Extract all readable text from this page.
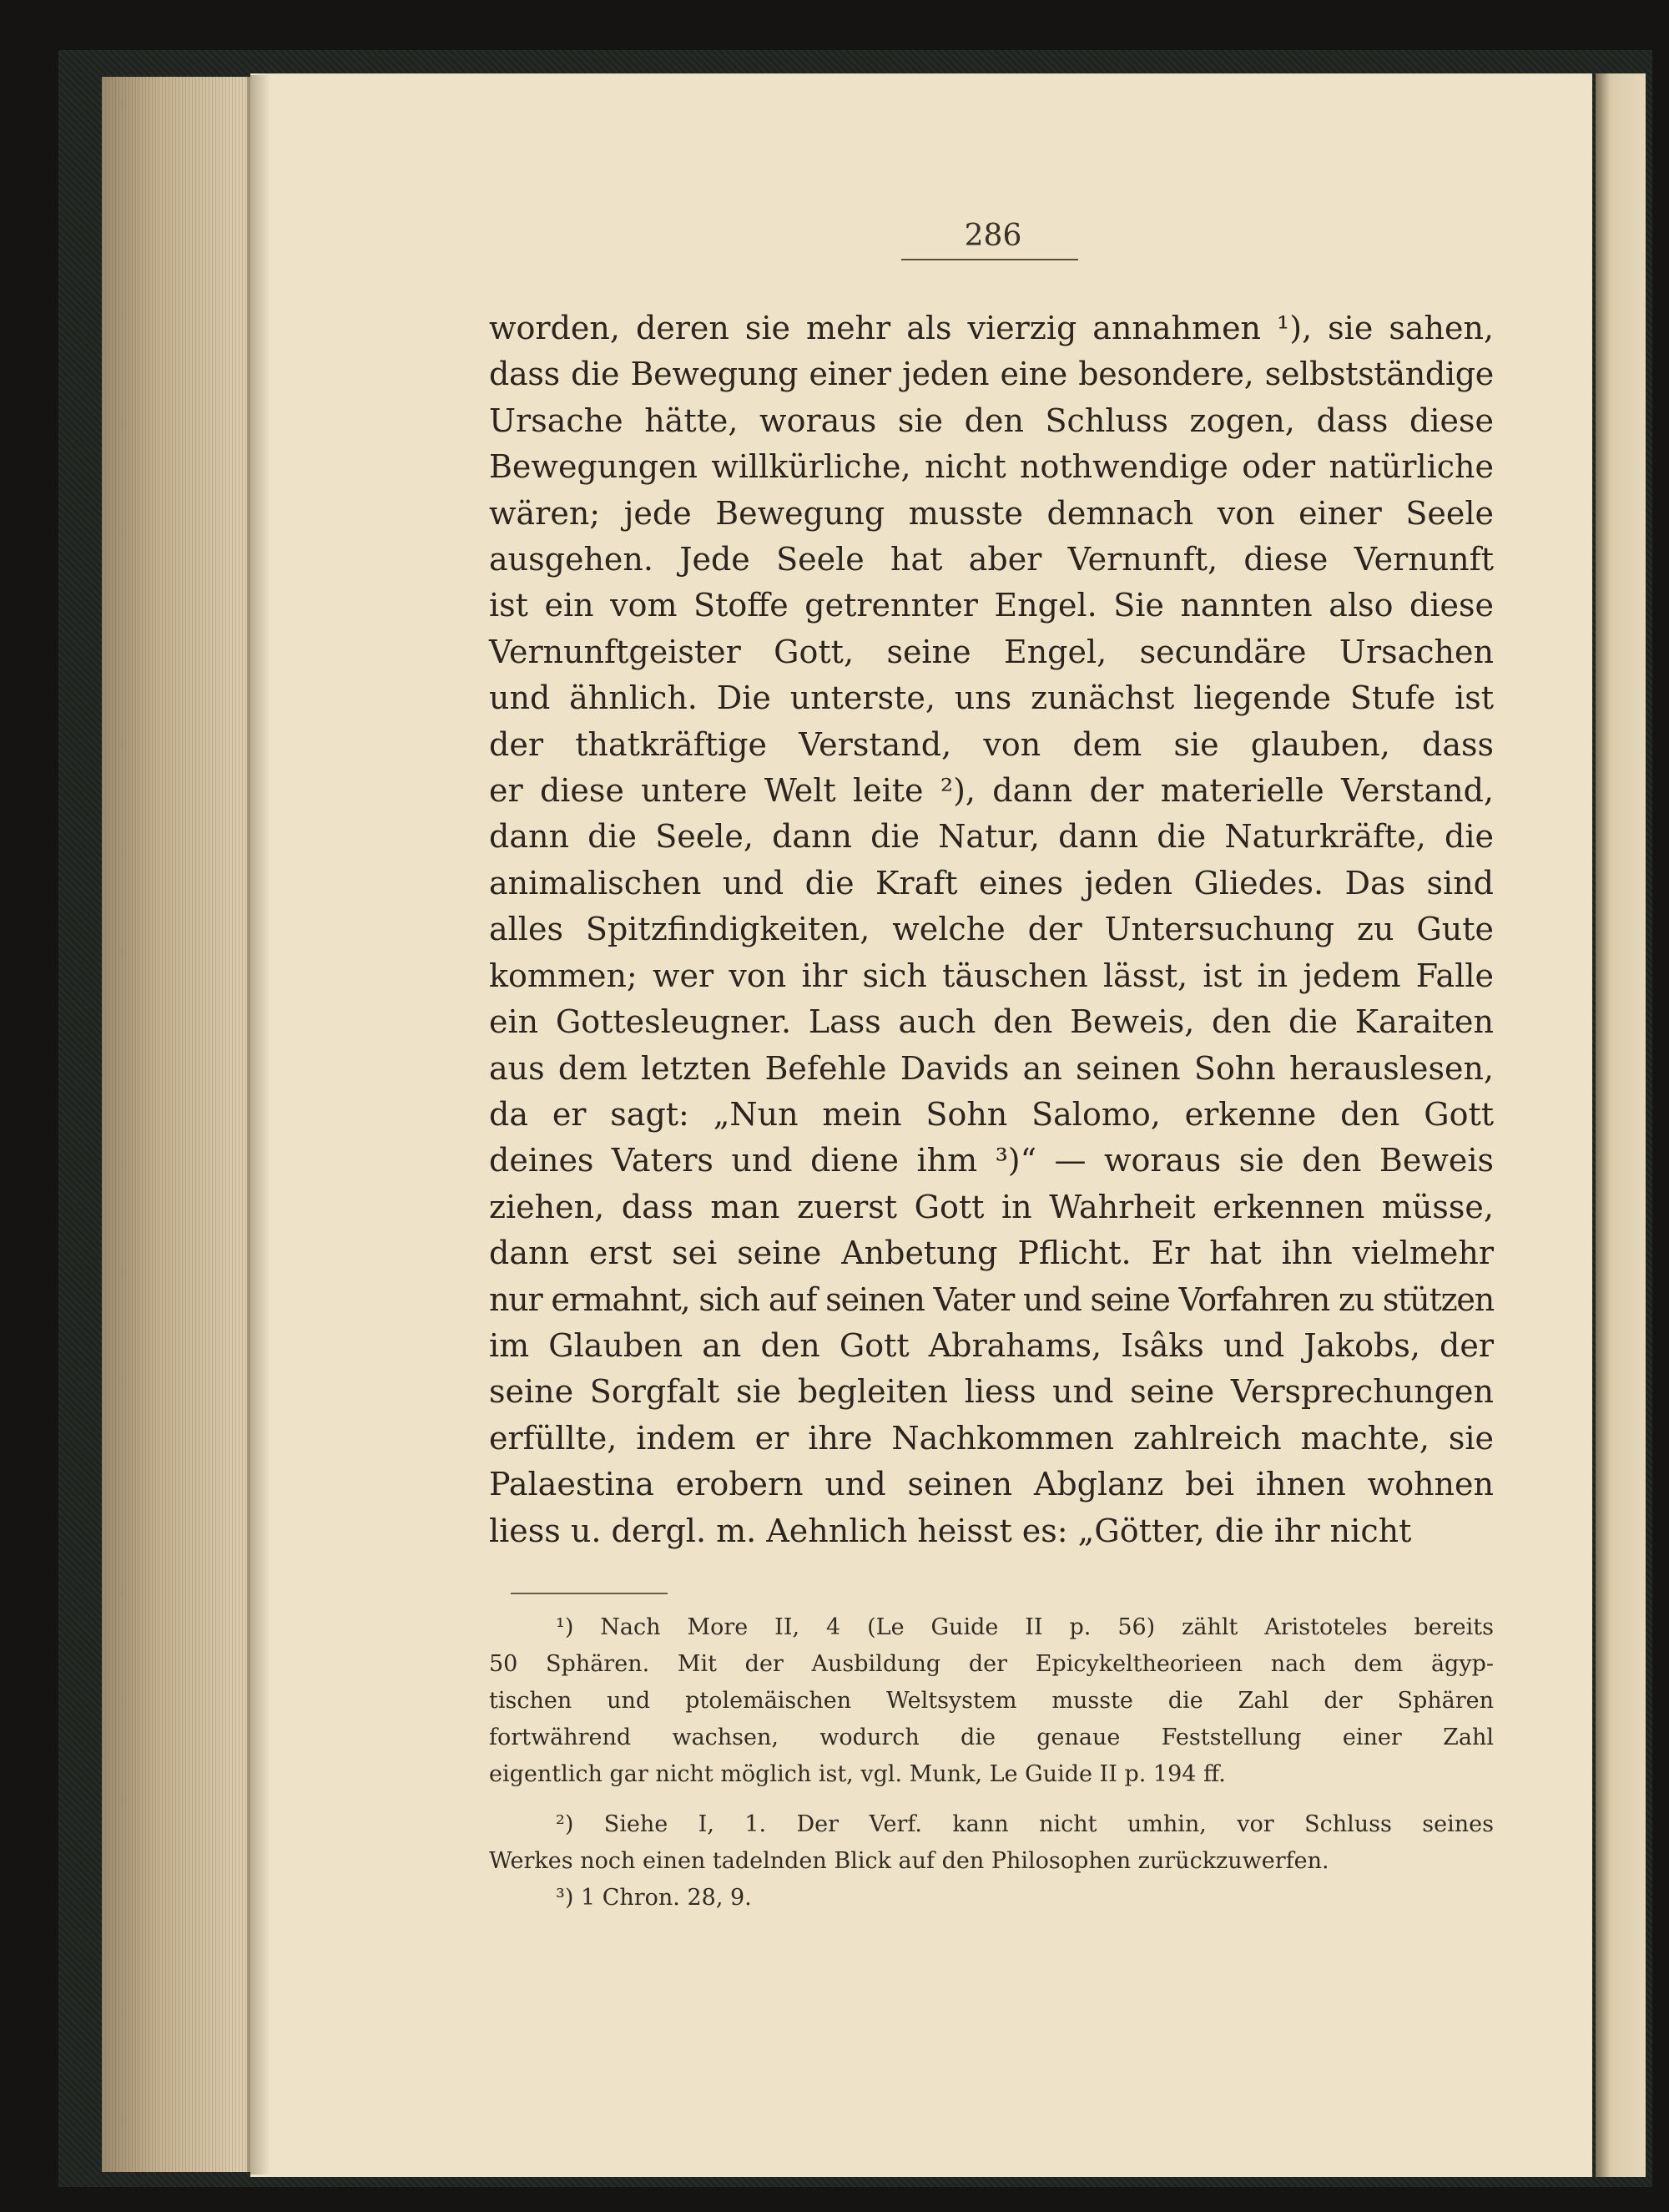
286
worden, deren sie mehr als vierzig annahmen ¹), sie sahen,
dass die Bewegung einer jeden eine besondere, selbstständige
Ursache hätte, woraus sie den Schluss zogen, dass diese
Bewegungen willkürliche, nicht nothwendige oder natürliche
wären; jede Bewegung musste demnach von einer Seele
ausgehen. Jede Seele hat aber Vernunft, diese Vernunft
ist ein vom Stoffe getrennter Engel. Sie nannten also diese
Vernunftgeister Gott, seine Engel, secundäre Ursachen
und ähnlich. Die unterste, uns zunächst liegende Stufe ist
der thatkräftige Verstand, von dem sie glauben, dass
er diese untere Welt leite ²), dann der materielle Verstand,
dann die Seele, dann die Natur, dann die Naturkräfte, die
animalischen und die Kraft eines jeden Gliedes. Das sind
alles Spitzfindigkeiten, welche der Untersuchung zu Gute
kommen; wer von ihr sich täuschen lässt, ist in jedem Falle
ein Gottesleugner. Lass auch den Beweis, den die Karaiten
aus dem letzten Befehle Davids an seinen Sohn herauslesen,
da er sagt: „Nun mein Sohn Salomo, erkenne den Gott
deines Vaters und diene ihm ³)“ — woraus sie den Beweis
ziehen, dass man zuerst Gott in Wahrheit erkennen müsse,
dann erst sei seine Anbetung Pflicht. Er hat ihn vielmehr
nur ermahnt, sich auf seinen Vater und seine Vorfahren zu stützen
im Glauben an den Gott Abrahams, Isâks und Jakobs, der
seine Sorgfalt sie begleiten liess und seine Versprechungen
erfüllte, indem er ihre Nachkommen zahlreich machte, sie
Palaestina erobern und seinen Abglanz bei ihnen wohnen
liess u. dergl. m. Aehnlich heisst es: „Götter, die ihr nicht
¹) Nach More II, 4 (Le Guide II p. 56) zählt Aristoteles bereits
50 Sphären. Mit der Ausbildung der Epicykeltheorieen nach dem ägyp-
tischen und ptolemäischen Weltsystem musste die Zahl der Sphären
fortwährend wachsen, wodurch die genaue Feststellung einer Zahl
eigentlich gar nicht möglich ist, vgl. Munk, Le Guide II p. 194 ff.
²) Siehe I, 1. Der Verf. kann nicht umhin, vor Schluss seines
Werkes noch einen tadelnden Blick auf den Philosophen zurückzuwerfen.
³) 1 Chron. 28, 9.
